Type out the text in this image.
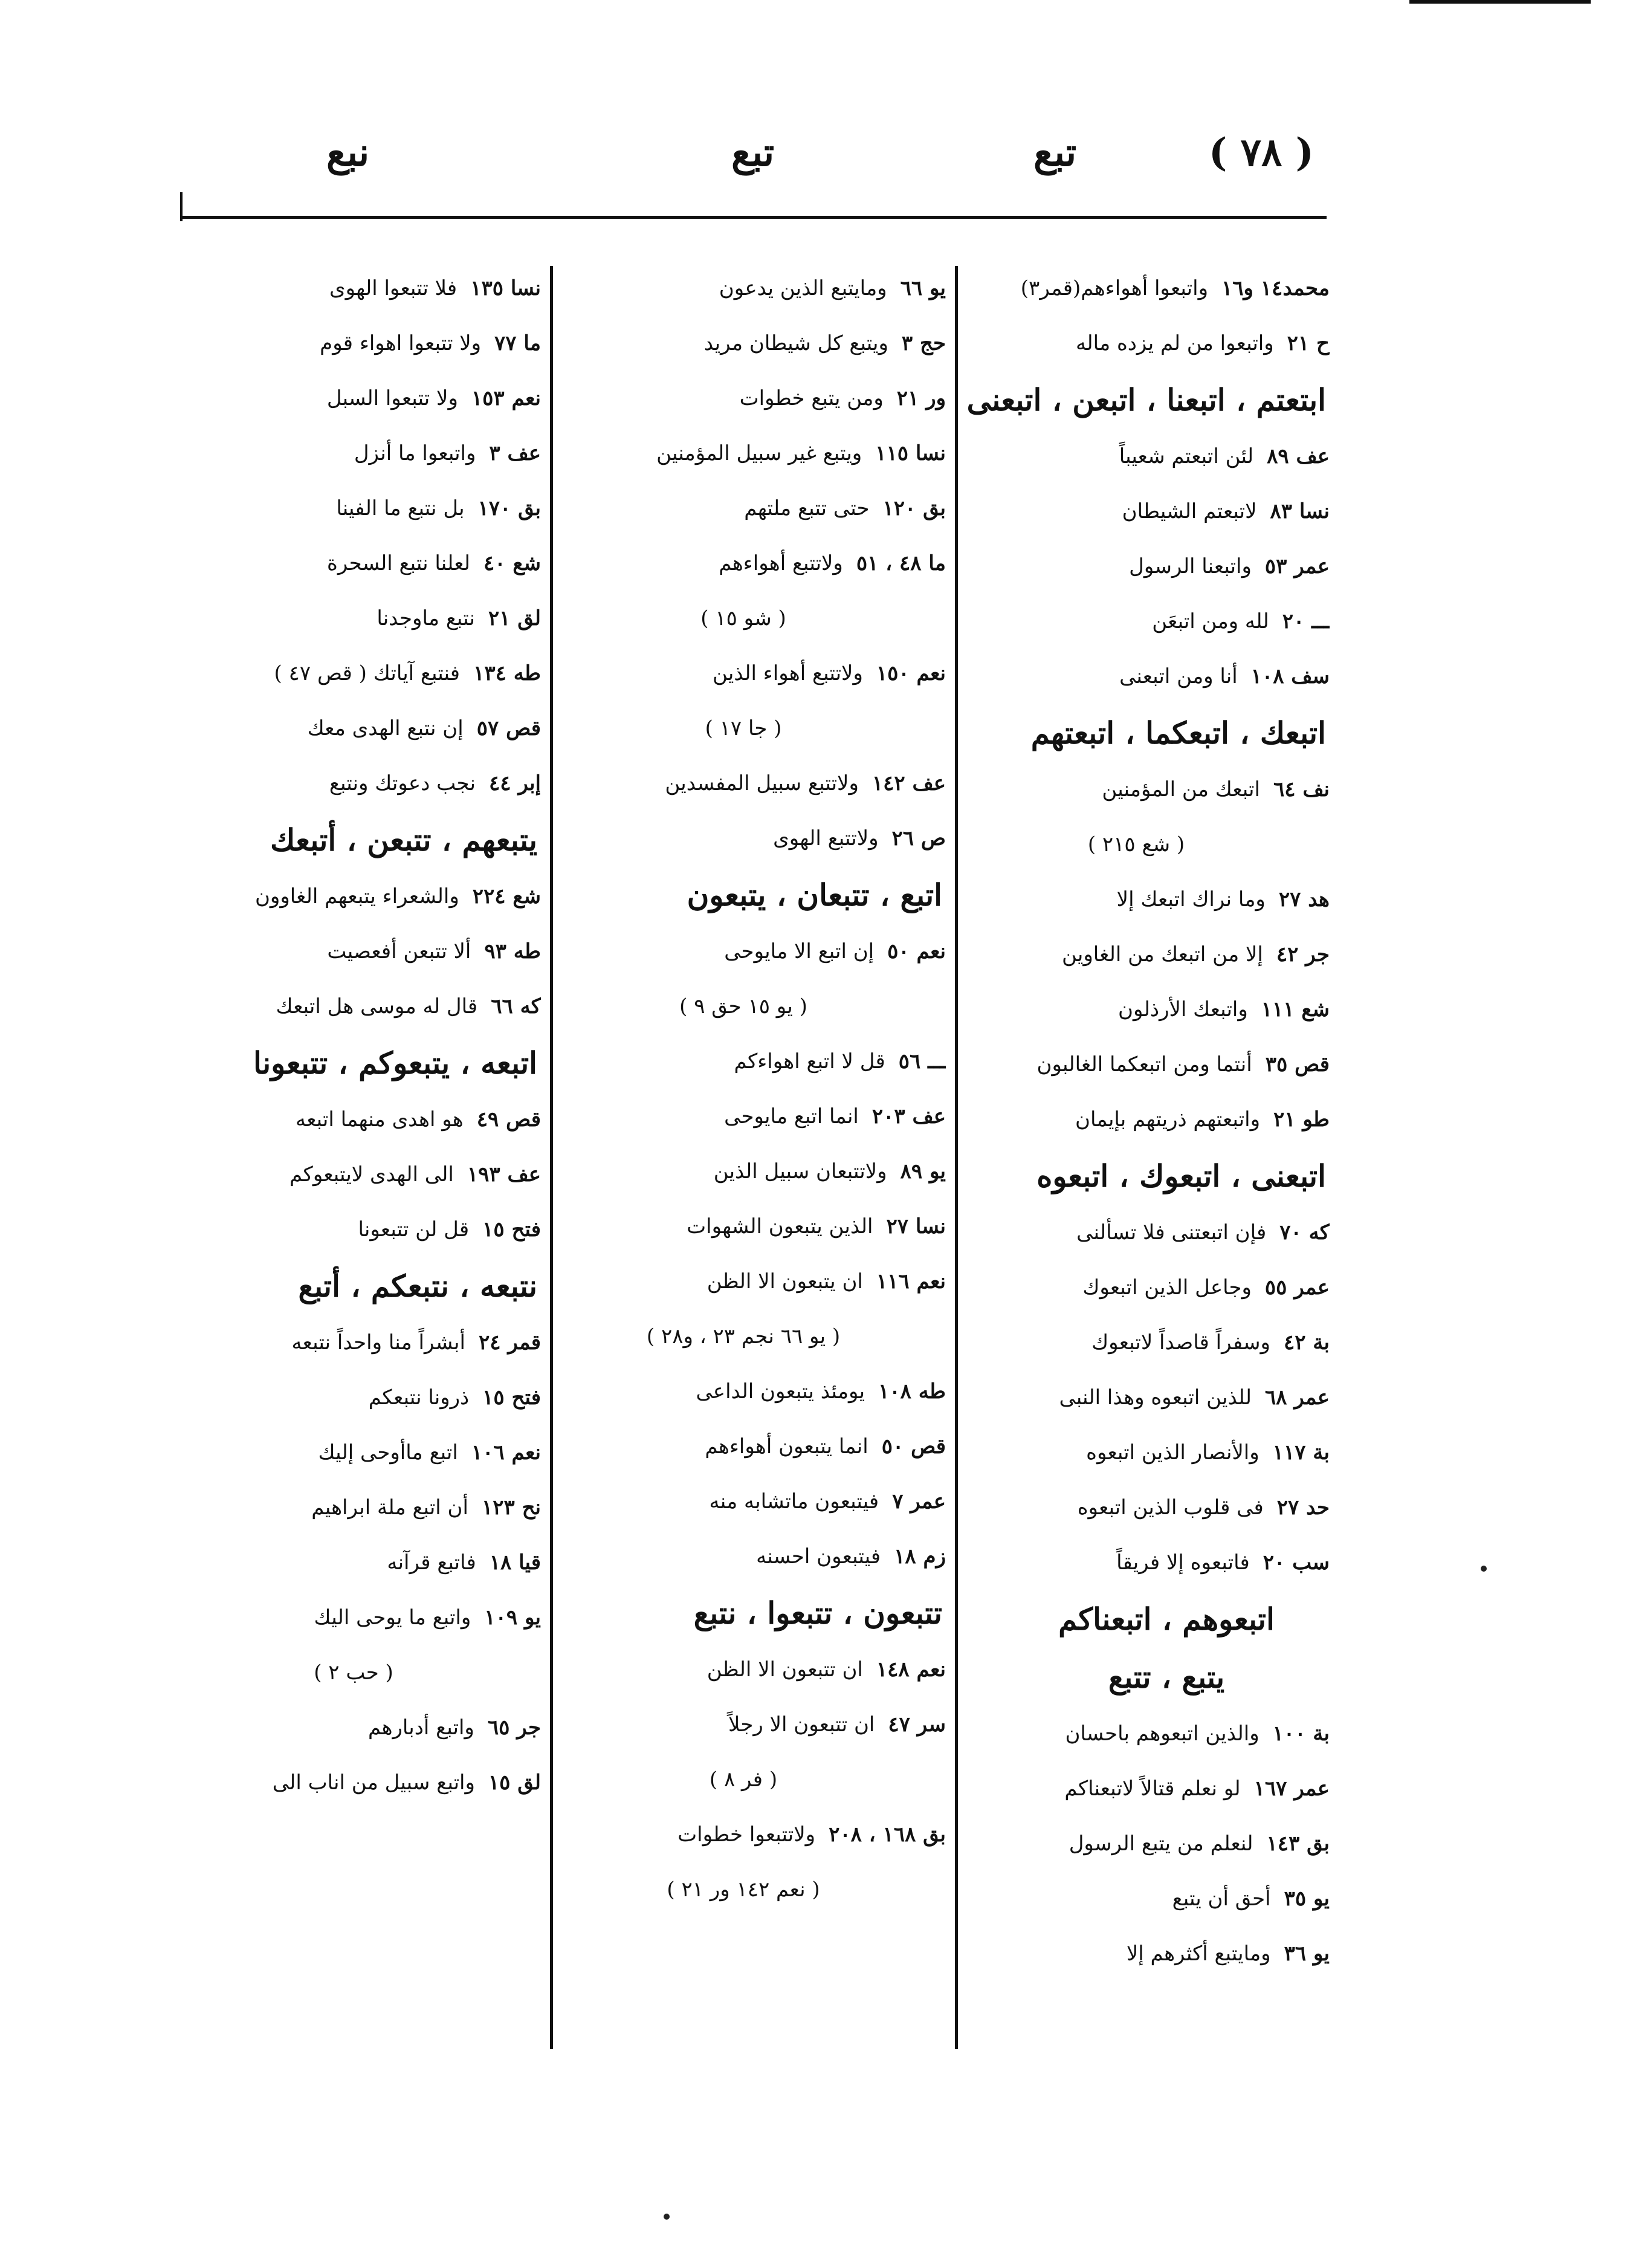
( ٧٨ )
تبع
تبع
نبع
محمد١٤ و١٦
واتبعوا أهواءهم(قمر٣)
ح ٢١
واتبعوا من لم يزده ماله
ابتعتم ، اتبعنا ، اتبعن ، اتبعنى
عف ٨٩
لئن اتبعتم شعيباً
نسا ٨٣
لاتبعتم الشيطان
عمر ٥٣
واتبعنا الرسول
ـــ ٢٠
لله ومن اتبعَن
سف ١٠٨
أنا ومن اتبعنى
اتبعك ، اتبعكما ، اتبعتهم
نف ٦٤
اتبعك من المؤمنين
( شع ٢١٥ )
هد ٢٧
وما نراك اتبعك إلا
جر ٤٢
إلا من اتبعك من الغاوين
شع ١١١
واتبعك الأرذلون
قص ٣٥
أنتما ومن اتبعكما الغالبون
طو ٢١
واتبعتهم ذريتهم بإيمان
اتبعنى ، اتبعوك ، اتبعوه
كه ٧٠
فإن اتبعتنى فلا تسألنى
عمر ٥٥
وجاعل الذين اتبعوك
بة ٤٢
وسفراً قاصداً لاتبعوك
عمر ٦٨
للذين اتبعوه وهذا النبى
بة ١١٧
والأنصار الذين اتبعوه
حد ٢٧
فى قلوب الذين اتبعوه
سب ٢٠
فاتبعوه إلا فريقاً
اتبعوهم ، اتبعناكم
يتبع ، تتبع
بة ١٠٠
والذين اتبعوهم باحسان
عمر ١٦٧
لو نعلم قتالاً لاتبعناكم
بق ١٤٣
لنعلم من يتبع الرسول
يو ٣٥
أحق أن يتبع
يو ٣٦
ومايتبع أكثرهم إلا
يو ٦٦
ومايتبع الذين يدعون
حج ٣
ويتبع كل شيطان مريد
ور ٢١
ومن يتبع خطوات
نسا ١١٥
ويتبع غير سبيل المؤمنين
بق ١٢٠
حتى تتبع ملتهم
ما ٤٨ ، ٥١
ولاتتبع أهواءهم
( شو ١٥ )
نعم ١٥٠
ولاتتبع أهواء الذين
( جا ١٧ )
عف ١٤٢
ولاتتبع سبيل المفسدين
ص ٢٦
ولاتتبع الهوى
اتبع ، تتبعان ، يتبعون
نعم ٥٠
إن اتبع الا مايوحى
( يو ١٥ حق ٩ )
ـــ ٥٦
قل لا اتبع اهواءكم
عف ٢٠٣
انما اتبع مايوحى
يو ٨٩
ولاتتبعان سبيل الذين
نسا ٢٧
الذين يتبعون الشهوات
نعم ١١٦
ان يتبعون الا الظن
( يو ٦٦ نجم ٢٣ ، و٢٨ )
طه ١٠٨
يومئذ يتبعون الداعى
قص ٥٠
انما يتبعون أهواءهم
عمر ٧
فيتبعون ماتشابه منه
زم ١٨
فيتبعون احسنه
تتبعون ، تتبعوا ، نتبع
نعم ١٤٨
ان تتبعون الا الظن
سر ٤٧
ان تتبعون الا رجلاً
( فر ٨ )
بق ١٦٨ ، ٢٠٨
ولاتتبعوا خطوات
( نعم ١٤٢ ور ٢١ )
نسا ١٣٥
فلا تتبعوا الهوى
ما ٧٧
ولا تتبعوا اهواء قوم
نعم ١٥٣
ولا تتبعوا السبل
عف ٣
واتبعوا ما أنزل
بق ١٧٠
بل نتبع ما الفينا
شع ٤٠
لعلنا نتبع السحرة
لق ٢١
نتبع ماوجدنا
طه ١٣٤
فنتبع آياتك ( قص ٤٧ )
قص ٥٧
إن نتبع الهدى معك
إبر ٤٤
نجب دعوتك ونتبع
يتبعهم ، تتبعن ، أتبعك
شع ٢٢٤
والشعراء يتبعهم الغاوون
طه ٩٣
ألا تتبعن أفعصيت
كه ٦٦
قال له موسى هل اتبعك
اتبعه ، يتبعوكم ، تتبعونا
قص ٤٩
هو اهدى منهما اتبعه
عف ١٩٣
الى الهدى لايتبعوكم
فتح ١٥
قل لن تتبعونا
نتبعه ، نتبعكم ، أتبع
قمر ٢٤
أبشراً منا واحداً نتبعه
فتح ١٥
ذرونا نتبعكم
نعم ١٠٦
اتبع ماأوحى إليك
نح ١٢٣
أن اتبع ملة ابراهيم
قيا ١٨
فاتبع قرآنه
يو ١٠٩
واتبع ما يوحى اليك
( حب ٢ )
جر ٦٥
واتبع أدبارهم
لق ١٥
واتبع سبيل من اناب الى
